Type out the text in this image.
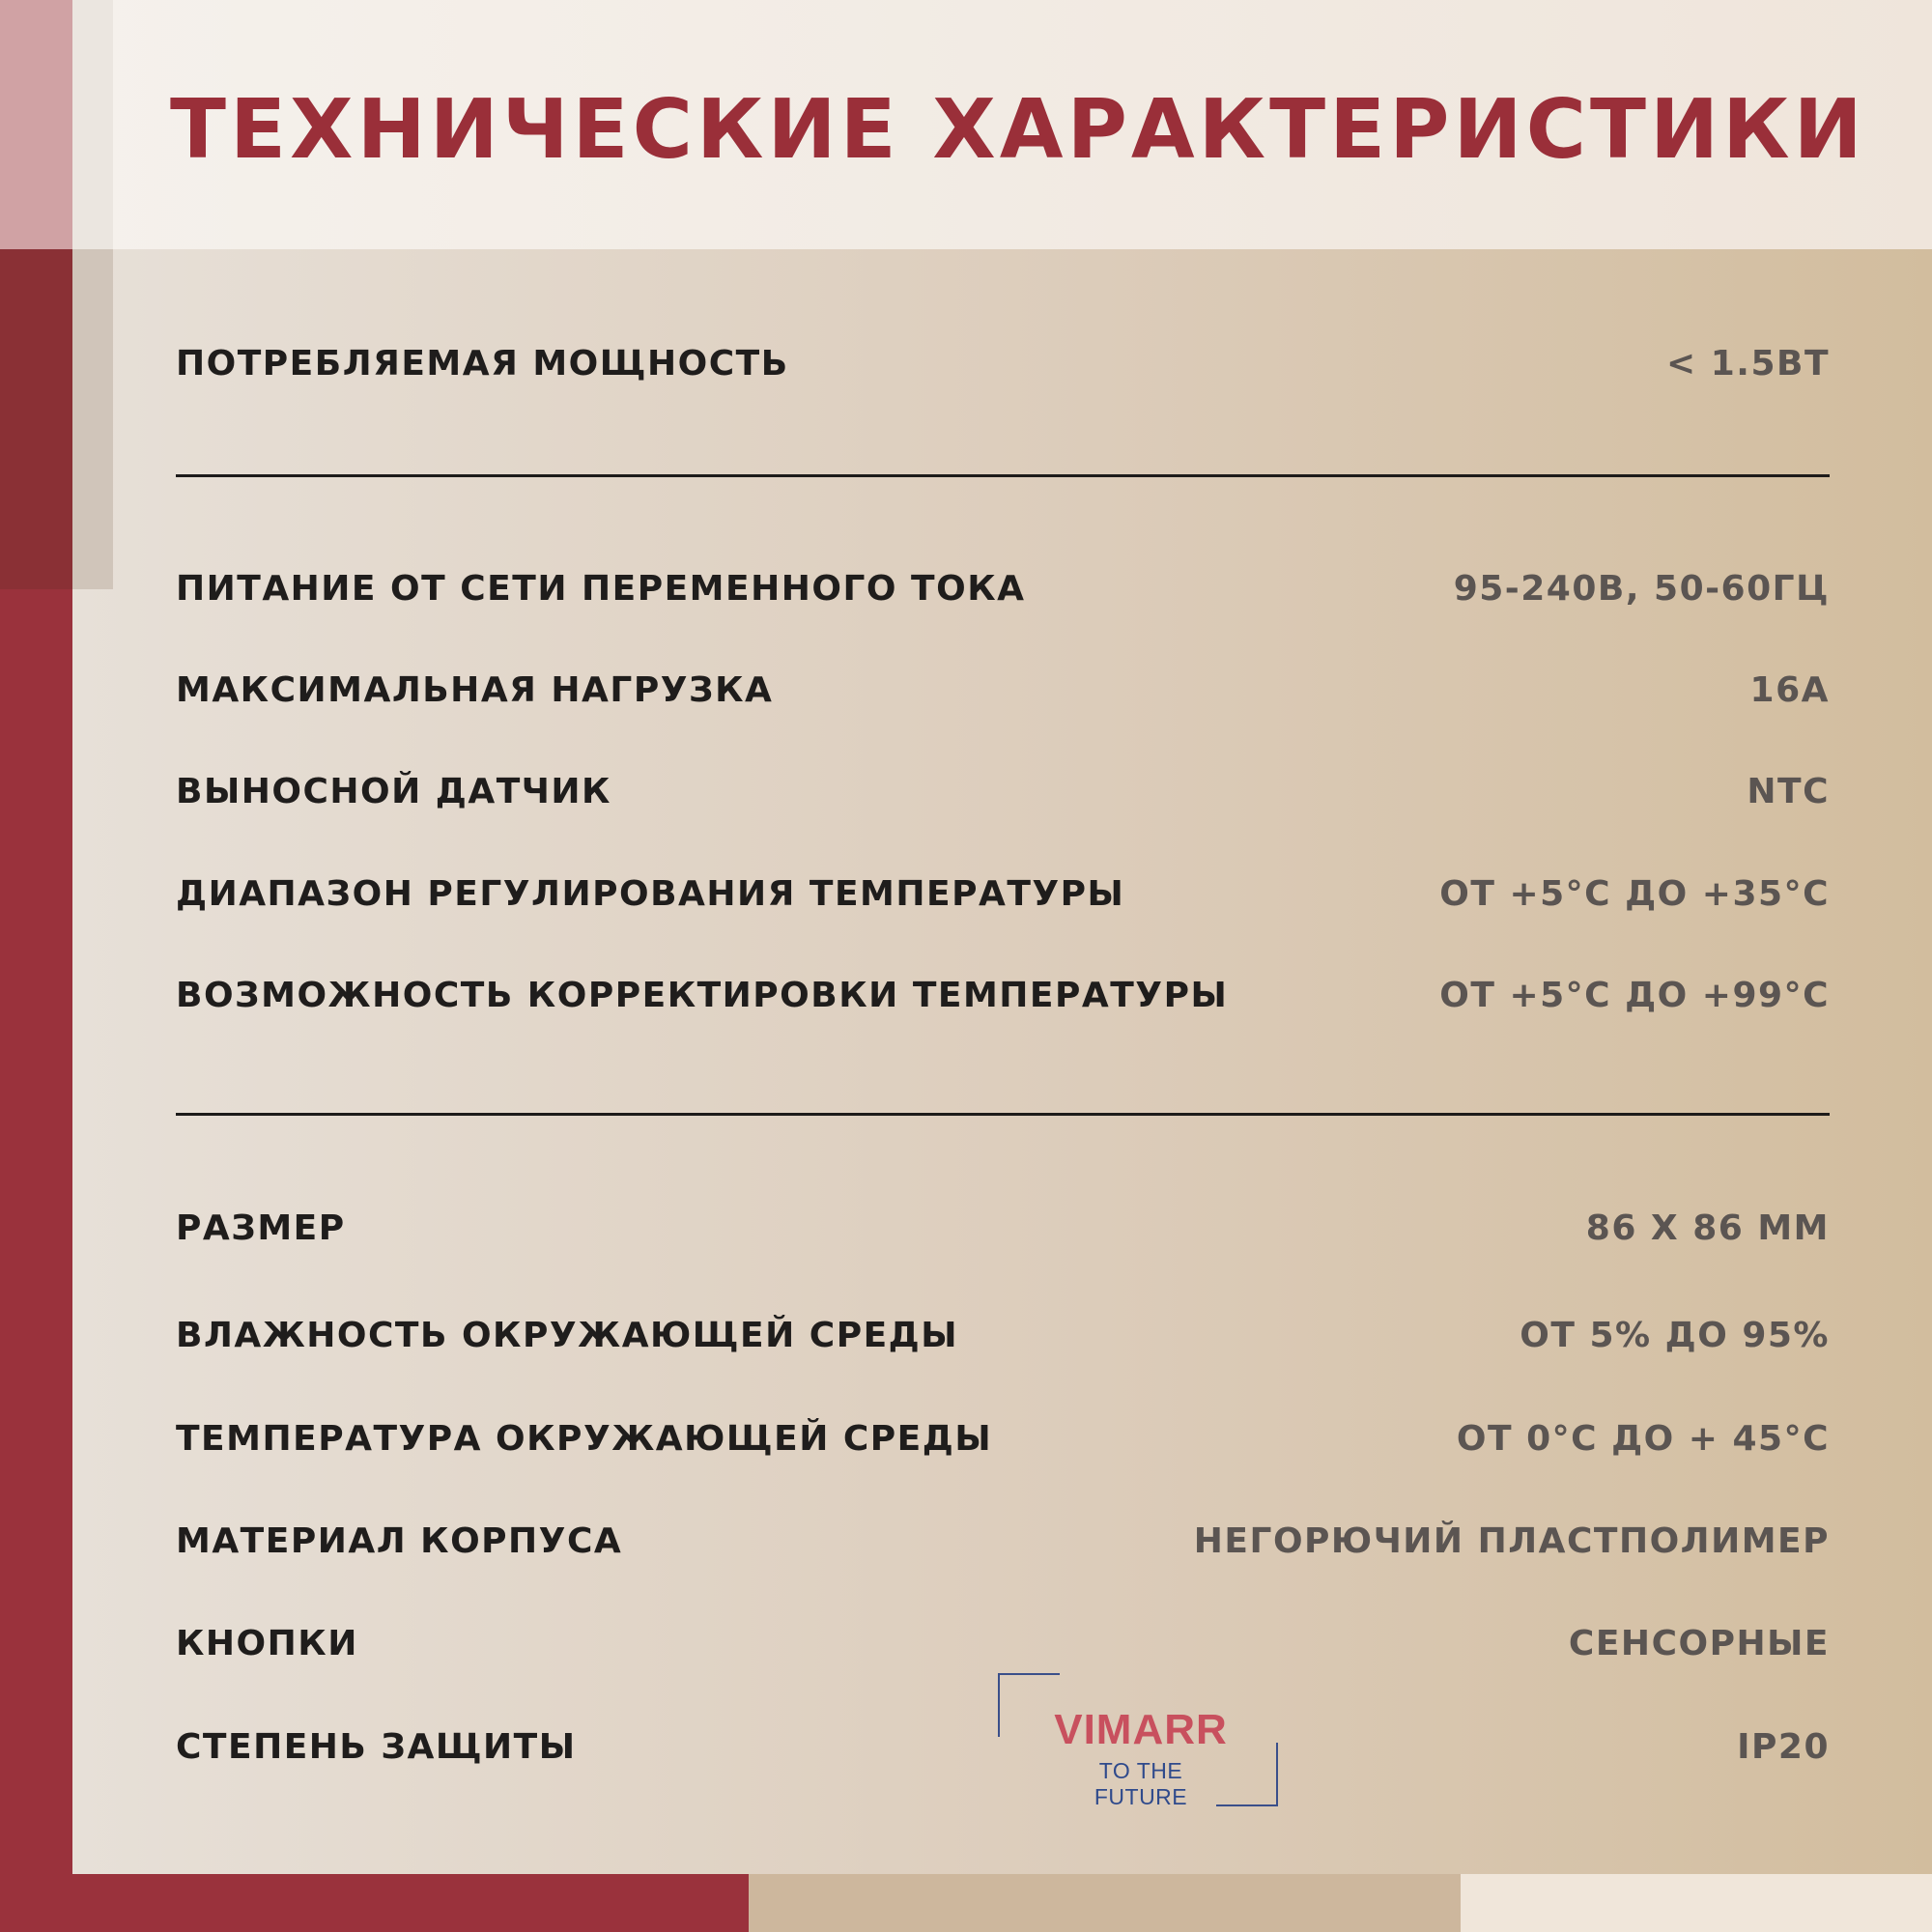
ТЕХНИЧЕСКИЕ ХАРАКТЕРИСТИКИ
ПОТРЕБЛЯЕМАЯ МОЩНОСТЬ	< 1.5ВТ
ПИТАНИЕ ОТ СЕТИ ПЕРЕМЕННОГО ТОКА	95-240В, 50-60ГЦ
МАКСИМАЛЬНАЯ НАГРУЗКА	16А
ВЫНОСНОЙ ДАТЧИК	NTC
ДИАПАЗОН РЕГУЛИРОВАНИЯ ТЕМПЕРАТУРЫ	ОТ +5°С ДО +35°С
ВОЗМОЖНОСТЬ КОРРЕКТИРОВКИ ТЕМПЕРАТУРЫ	ОТ +5°С ДО +99°С
РАЗМЕР	86 Х 86 ММ
ВЛАЖНОСТЬ ОКРУЖАЮЩЕЙ СРЕДЫ	ОТ 5% ДО 95%
ТЕМПЕРАТУРА ОКРУЖАЮЩЕЙ СРЕДЫ	ОТ 0°С ДО + 45°С
МАТЕРИАЛ КОРПУСА	НЕГОРЮЧИЙ ПЛАСТПОЛИМЕР
КНОПКИ	СЕНСОРНЫЕ
СТЕПЕНЬ ЗАЩИТЫ	IP20
VIMARR
TO THE FUTURE
